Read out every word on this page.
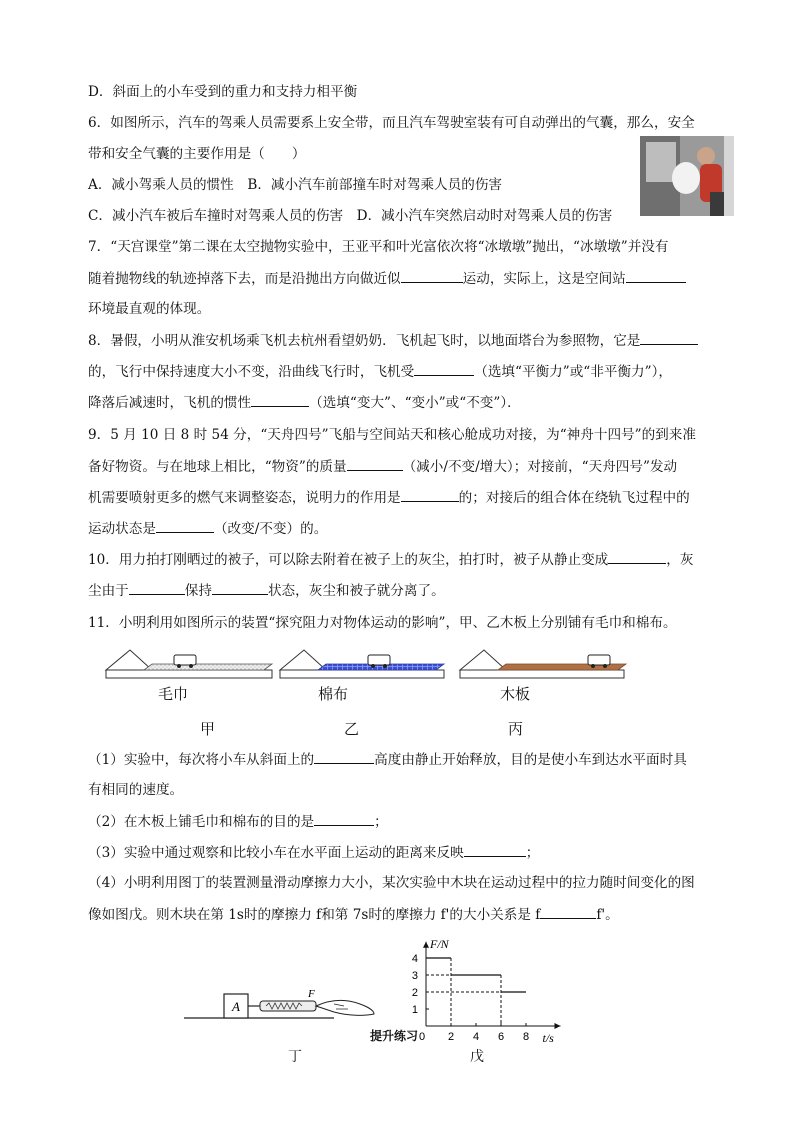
D．斜面上的小车受到的重力和支持力相平衡
6．如图所示，汽车的驾乘人员需要系上安全带，而且汽车驾驶室装有可自动弹出的气囊，那么，安全
带和安全气囊的主要作用是（　　）
A．减小驾乘人员的惯性　B．减小汽车前部撞车时对驾乘人员的伤害
C．减小汽车被后车撞时对驾乘人员的伤害　D．减小汽车突然启动时对驾乘人员的伤害
7．“天宫课堂”第二课在太空抛物实验中，王亚平和叶光富依次将“冰墩墩”抛出，“冰墩墩”并没有
随着抛物线的轨迹掉落下去，而是沿抛出方向做近似	运动，实际上，这是空间站
环境最直观的体现。
8．暑假，小明从淮安机场乘飞机去杭州看望奶奶．飞机起飞时，以地面塔台为参照物，它是
的，飞行中保持速度大小不变，沿曲线飞行时，飞机受	（选填“平衡力”或“非平衡力”），
降落后减速时，飞机的惯性	（选填“变大”、“变小”或“不变”）．
9．5 月 10 日 8 时 54 分，“天舟四号”飞船与空间站天和核心舱成功对接，为“神舟十四号”的到来准
备好物资。与在地球上相比，“物资”的质量	（减小/不变/增大）；对接前，“天舟四号”发动
机需要喷射更多的燃气来调整姿态，说明力的作用是	的；对接后的组合体在绕轨飞过程中的
运动状态是	（改变/不变）的。
10．用力拍打刚晒过的被子，可以除去附着在被子上的灰尘，拍打时，被子从静止变成	，灰
尘由于	保持	状态，灰尘和被子就分离了。
11．小明利用如图所示的装置“探究阻力对物体运动的影响”，甲、乙木板上分别铺有毛巾和棉布。
毛巾	棉布	木板
甲	乙	丙
（1）实验中，每次将小车从斜面上的	高度由静止开始释放，目的是使小车到达水平面时具
有相同的速度。
（2）在木板上铺毛巾和棉布的目的是	；
（3）实验中通过观察和比较小车在水平面上运动的距离来反映	；
（4）小明利用图丁的装置测量滑动摩擦力大小，某次实验中木块在运动过程中的拉力随时间变化的图
像如图戊。则木块在第 1s时的摩擦力 f和第 7s时的摩擦力 f'的大小关系是 f	f'。
A
F
丁
F/N
t/s
0 2 4 6 8
1
2
3
4
戊
提升练习
